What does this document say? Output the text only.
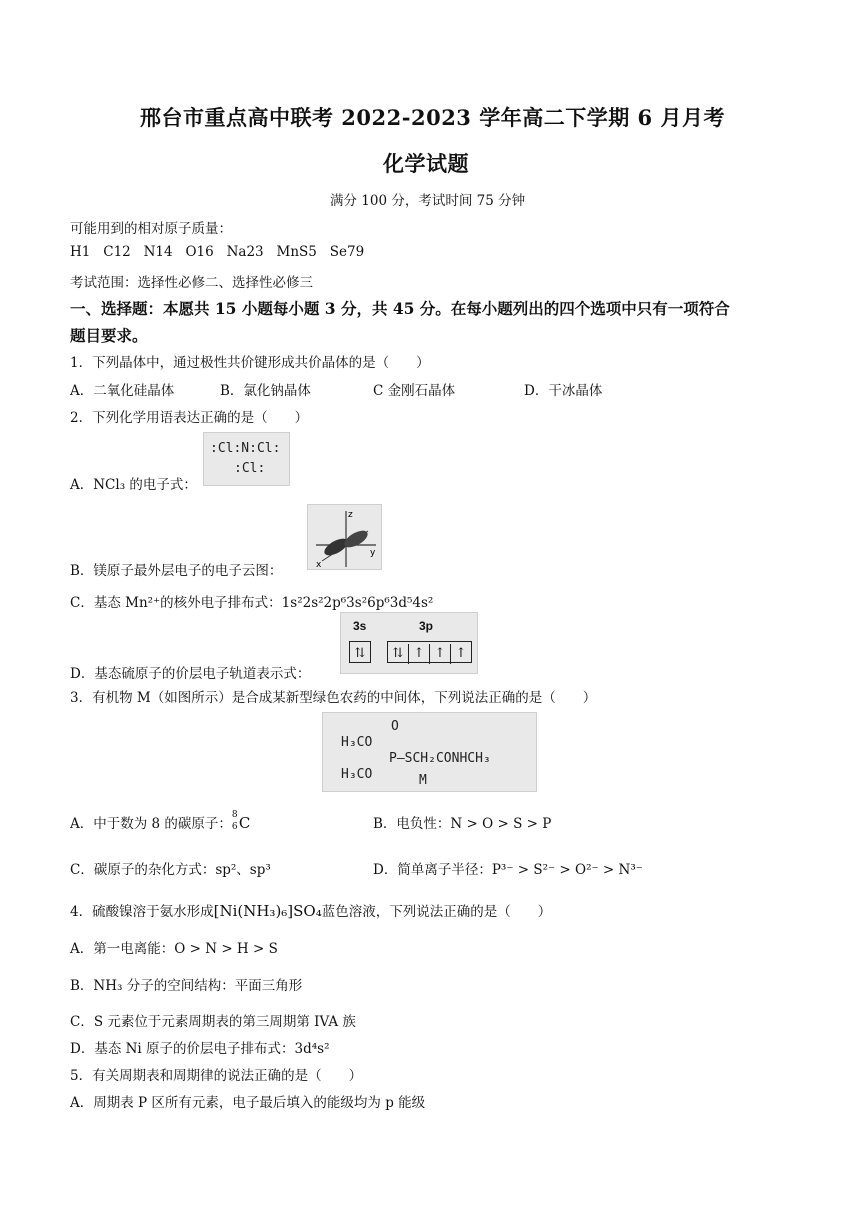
邢台市重点高中联考 2022-2023 学年高二下学期 6 月月考
化学试题
满分 100 分，考试时间 75 分钟
可能用到的相对原子质量：
H1   C12   N14   O16   Na23   MnS5   Se79
考试范围：选择性必修二、选择性必修三
一、选择题：本愿共 15 小题每小题 3 分，共 45 分。在每小题列出的四个选项中只有一项符合
题目要求。
1．下列晶体中，通过极性共价键形成共价晶体的是（　　）
A．二氧化硅晶体	B．氯化钠晶体	C 金刚石晶体	D．干冰晶体
2．下列化学用语表达正确的是（　　）
A．NCl₃ 的电子式：
:Cl:N:Cl:
:Cl:
B．镁原子最外层电子的电子云图：
z
y
x
C．基态 Mn²⁺的核外电子排布式：1s²2s²2p⁶3s²6p⁶3d⁵4s²
D．基态硫原子的价层电子轨道表示式：
3s	3p
⇅	⇅ ↑ ↑ ↑
3．有机物 M（如图所示）是合成某新型绿色农药的中间体，下列说法正确的是（　　）
O
H₃CO
P–SCH₂CONHCH₃
H₃CO	M
A．中于数为 8 的碳原子：
8
6 C	B．电负性：N > O > S > P
C．碳原子的杂化方式：sp²、sp³	D．简单离子半径：P³⁻ > S²⁻ > O²⁻ > N³⁻
4．硫酸镍溶于氨水形成[Ni(NH₃)₆]SO₄蓝色溶液，下列说法正确的是（　　）
A．第一电离能：O > N > H > S
B．NH₃ 分子的空间结构：平面三角形
C．S 元素位于元素周期表的第三周期第 IVA 族
D．基态 Ni 原子的价层电子排布式：3d⁴s²
5．有关周期表和周期律的说法正确的是（　　）
A．周期表 P 区所有元素，电子最后填入的能级均为 p 能级
